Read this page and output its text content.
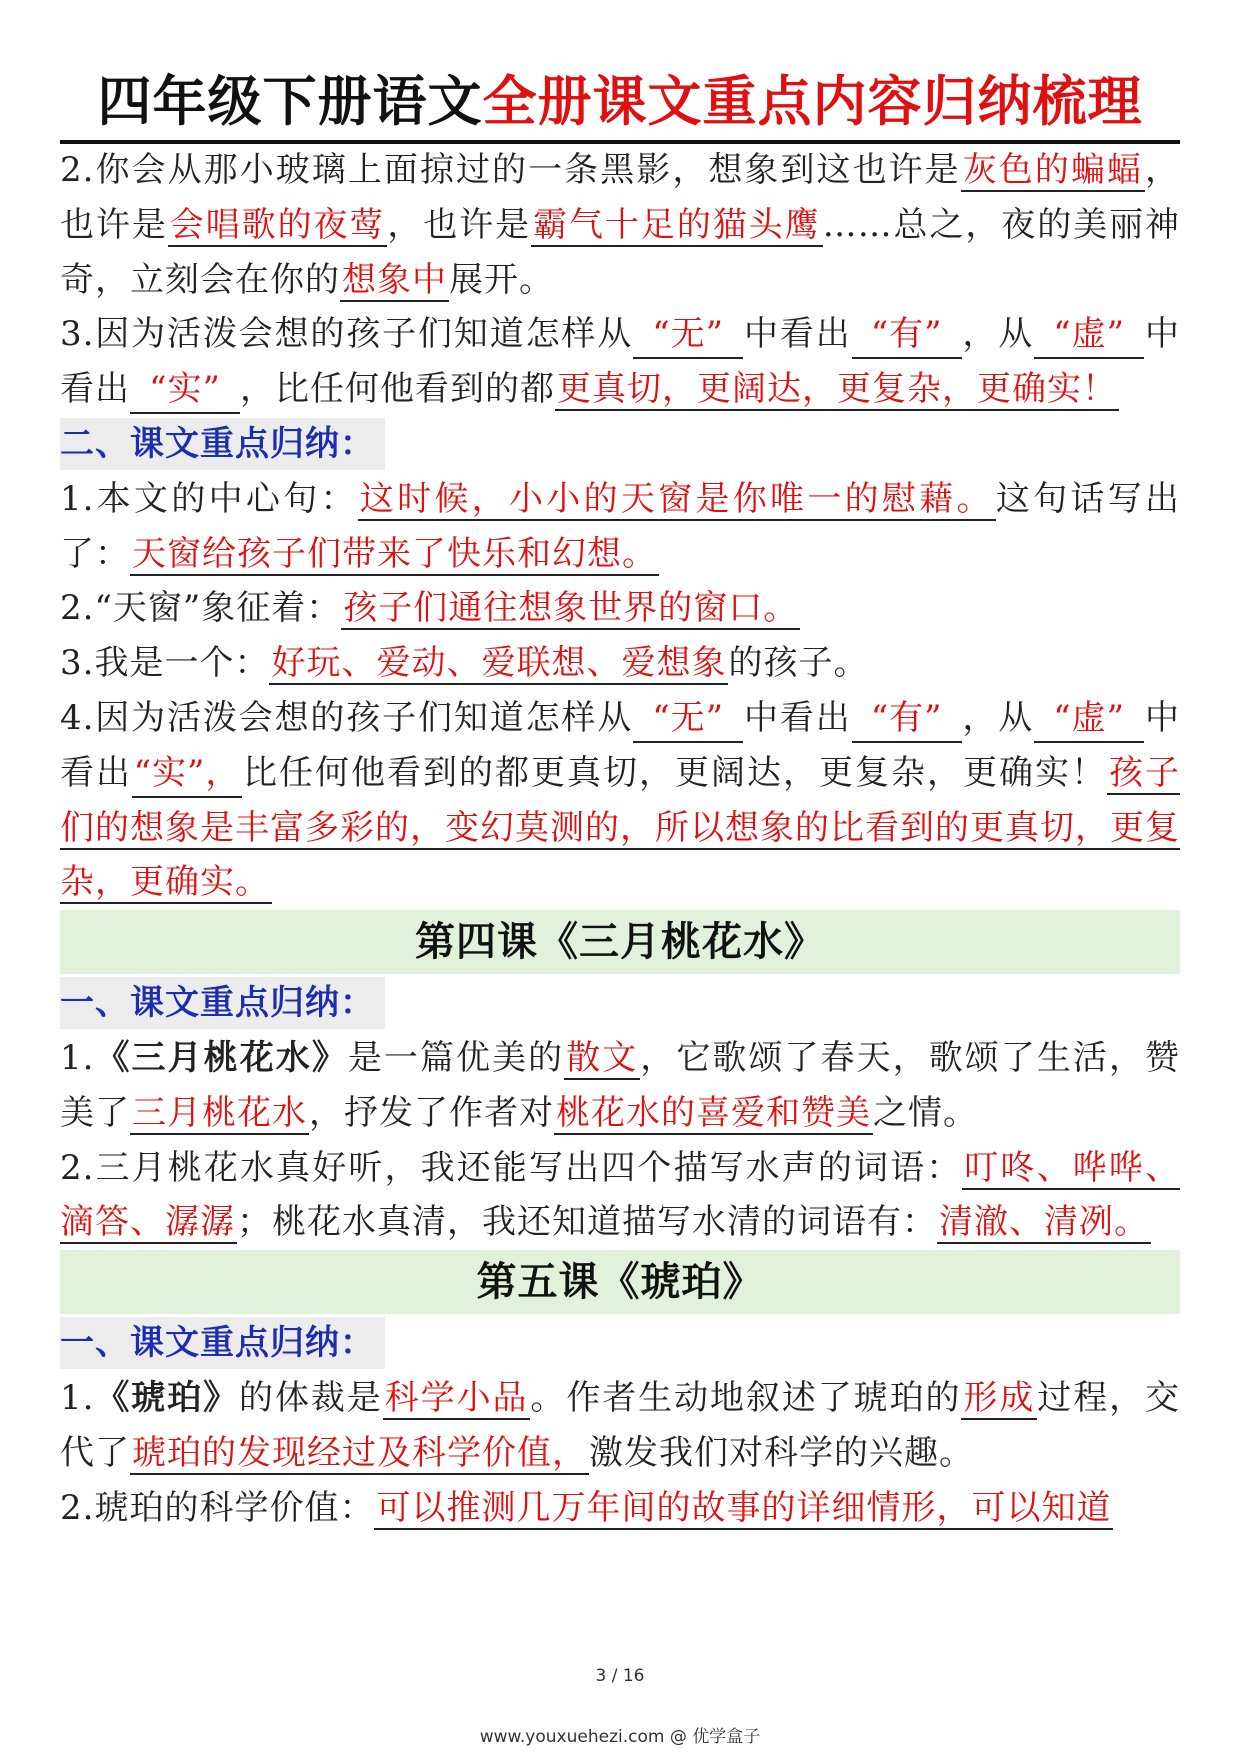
四年级下册语文全册课文重点内容归纳梳理

2.你会从那小玻璃上面掠过的一条黑影，想象到这也许是灰色的蝙蝠，也许是会唱歌的夜莺，也许是霸气十足的猫头鹰……总之，夜的美丽神奇，立刻会在你的想象中展开。

3.因为活泼会想的孩子们知道怎样从 “无” 中看出 “有” ，从 “虚” 中看出 “实” ，比任何他看到的都更真切，更阔达，更复杂，更确实！

二、课文重点归纳：

1.本文的中心句：这时候，小小的天窗是你唯一的慰藉。这句话写出了：天窗给孩子们带来了快乐和幻想。

2.“天窗”象征着：孩子们通往想象世界的窗口。

3.我是一个：好玩、爱动、爱联想、爱想象的孩子。

4.因为活泼会想的孩子们知道怎样从 “无” 中看出 “有” ，从 “虚” 中看出“实”，比任何他看到的都更真切，更阔达，更复杂，更确实！孩子们的想象是丰富多彩的，变幻莫测的，所以想象的比看到的更真切，更复杂，更确实。

第四课《三月桃花水》
一、课文重点归纳：

1.《三月桃花水》是一篇优美的散文，它歌颂了春天，歌颂了生活，赞美了三月桃花水，抒发了作者对桃花水的喜爱和赞美之情。

2.三月桃花水真好听，我还能写出四个描写水声的词语：叮咚、哗哗、滴答、潺潺；桃花水真清，我还知道描写水清的词语有：清澈、清冽。

第五课《琥珀》
一、课文重点归纳：

1.《琥珀》的体裁是科学小品。作者生动地叙述了琥珀的形成过程，交代了琥珀的发现经过及科学价值，激发我们对科学的兴趣。

2.琥珀的科学价值：可以推测几万年间的故事的详细情形，可以知道

3 / 16
www.youxuehezi.com @ 优学盒子
